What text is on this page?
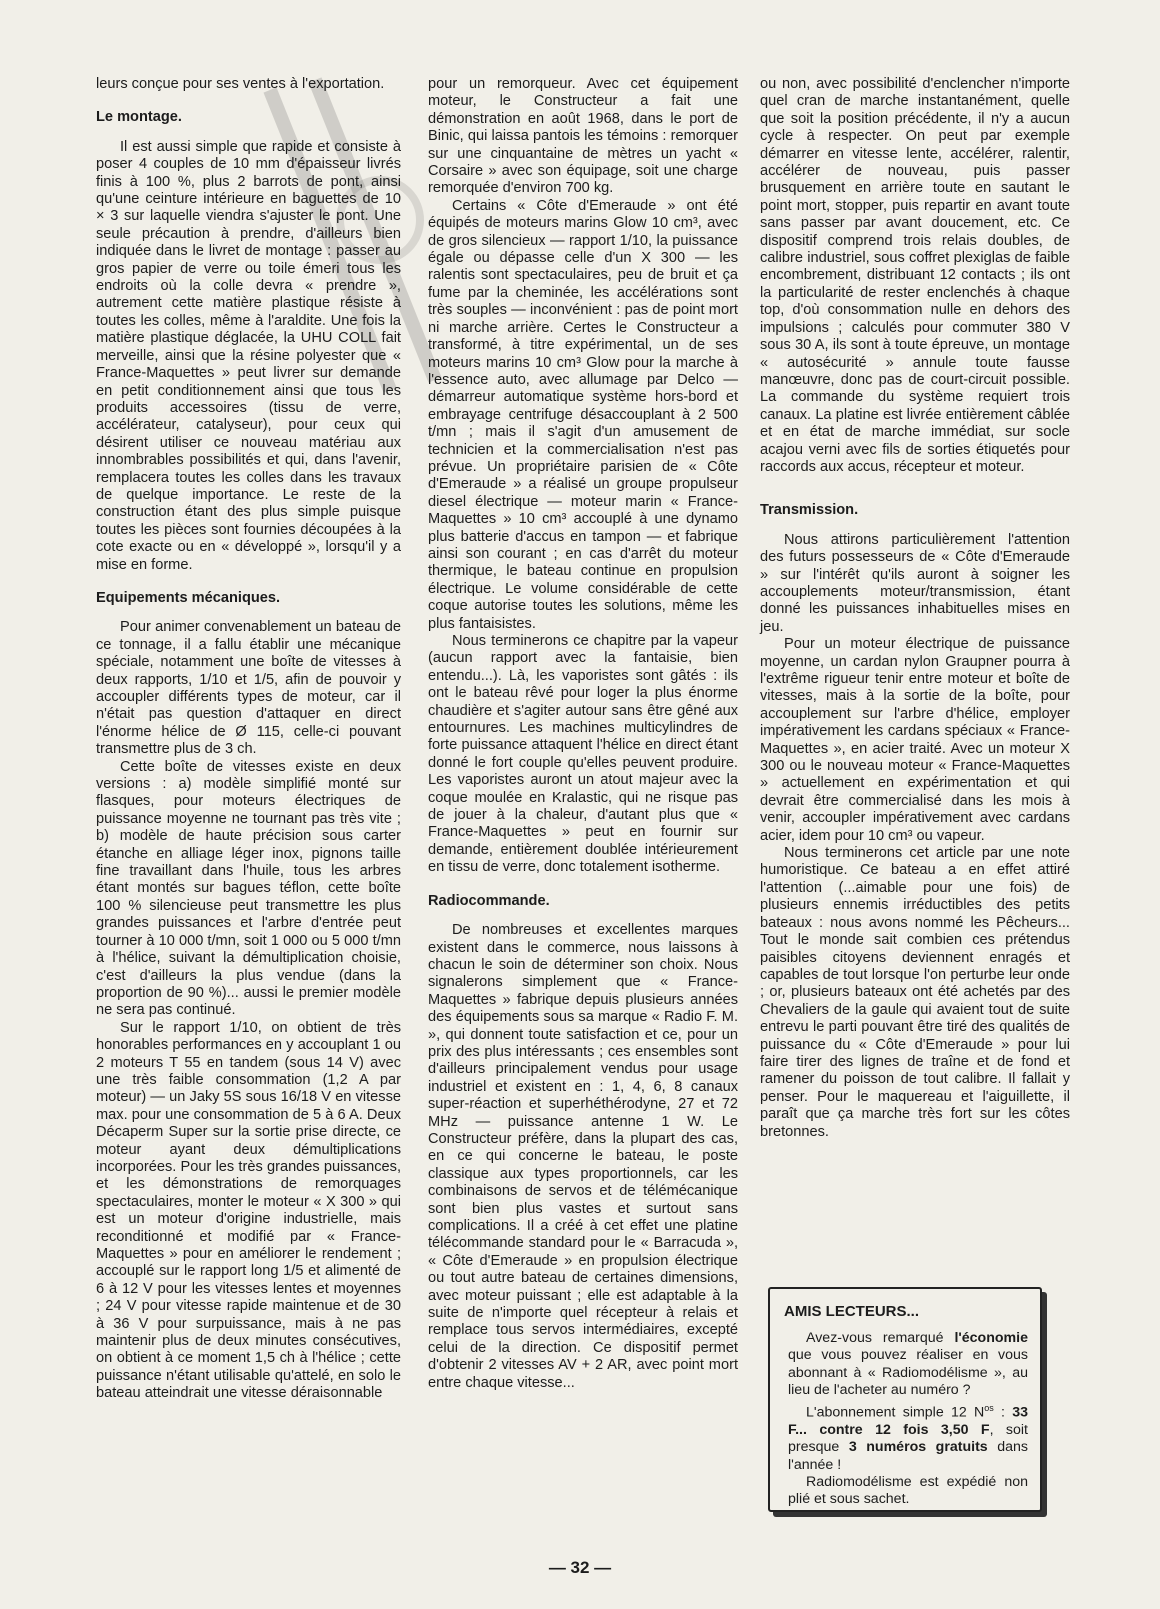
leurs conçue pour ses ventes à l'exportation.

Le montage.

Il est aussi simple que rapide et consiste à poser 4 couples de 10 mm d'épaisseur livrés finis à 100 %, plus 2 barrots de pont, ainsi qu'une ceinture intérieure en baguettes de 10 × 3 sur laquelle viendra s'ajuster le pont. Une seule précaution à prendre, d'ailleurs bien indiquée dans le livret de montage : passer au gros papier de verre ou toile émeri tous les endroits où la colle devra « prendre », autrement cette matière plastique résiste à toutes les colles, même à l'araldite. Une fois la matière plastique déglacée, la UHU COLL fait merveille, ainsi que la résine polyester que « France-Maquettes » peut livrer sur demande en petit conditionnement ainsi que tous les produits accessoires (tissu de verre, accélérateur, catalyseur), pour ceux qui désirent utiliser ce nouveau matériau aux innombrables possibilités et qui, dans l'avenir, remplacera toutes les colles dans les travaux de quelque importance. Le reste de la construction étant des plus simple puisque toutes les pièces sont fournies découpées à la cote exacte ou en « développé », lorsqu'il y a mise en forme.

Equipements mécaniques.

Pour animer convenablement un bateau de ce tonnage, il a fallu établir une mécanique spéciale, notamment une boîte de vitesses à deux rapports, 1/10 et 1/5, afin de pouvoir y accoupler différents types de moteur, car il n'était pas question d'attaquer en direct l'énorme hélice de Ø 115, celle-ci pouvant transmettre plus de 3 ch.

Cette boîte de vitesses existe en deux versions : a) modèle simplifié monté sur flasques, pour moteurs électriques de puissance moyenne ne tournant pas très vite ; b) modèle de haute précision sous carter étanche en alliage léger inox, pignons taille fine travaillant dans l'huile, tous les arbres étant montés sur bagues téflon, cette boîte 100 % silencieuse peut transmettre les plus grandes puissances et l'arbre d'entrée peut tourner à 10 000 t/mn, soit 1 000 ou 5 000 t/mn à l'hélice, suivant la démultiplication choisie, c'est d'ailleurs la plus vendue (dans la proportion de 90 %)... aussi le premier modèle ne sera pas continué.

Sur le rapport 1/10, on obtient de très honorables performances en y accouplant 1 ou 2 moteurs T 55 en tandem (sous 14 V) avec une très faible consommation (1,2 A par moteur) — un Jaky 5S sous 16/18 V en vitesse max. pour une consommation de 5 à 6 A. Deux Décaperm Super sur la sortie prise directe, ce moteur ayant deux démultiplications incorporées. Pour les très grandes puissances, et les démonstrations de remorquages spectaculaires, monter le moteur « X 300 » qui est un moteur d'origine industrielle, mais reconditionné et modifié par « France-Maquettes » pour en améliorer le rendement ; accouplé sur le rapport long 1/5 et alimenté de 6 à 12 V pour les vitesses lentes et moyennes ; 24 V pour vitesse rapide maintenue et de 30 à 36 V pour surpuissance, mais à ne pas maintenir plus de deux minutes consécutives, on obtient à ce moment 1,5 ch à l'hélice ; cette puissance n'étant utilisable qu'attelé, en solo le bateau atteindrait une vitesse déraisonnable

pour un remorqueur. Avec cet équipement moteur, le Constructeur a fait une démonstration en août 1968, dans le port de Binic, qui laissa pantois les témoins : remorquer sur une cinquantaine de mètres un yacht « Corsaire » avec son équipage, soit une charge remorquée d'environ 700 kg.

Certains « Côte d'Emeraude » ont été équipés de moteurs marins Glow 10 cm³, avec de gros silencieux — rapport 1/10, la puissance égale ou dépasse celle d'un X 300 — les ralentis sont spectaculaires, peu de bruit et ça fume par la cheminée, les accélérations sont très souples — inconvénient : pas de point mort ni marche arrière. Certes le Constructeur a transformé, à titre expérimental, un de ses moteurs marins 10 cm³ Glow pour la marche à l'essence auto, avec allumage par Delco — démarreur automatique système hors-bord et embrayage centrifuge désaccouplant à 2 500 t/mn ; mais il s'agit d'un amusement de technicien et la commercialisation n'est pas prévue. Un propriétaire parisien de « Côte d'Emeraude » a réalisé un groupe propulseur diesel électrique — moteur marin « France-Maquettes » 10 cm³ accouplé à une dynamo plus batterie d'accus en tampon — et fabrique ainsi son courant ; en cas d'arrêt du moteur thermique, le bateau continue en propulsion électrique. Le volume considérable de cette coque autorise toutes les solutions, même les plus fantaisistes.

Nous terminerons ce chapitre par la vapeur (aucun rapport avec la fantaisie, bien entendu...). Là, les vaporistes sont gâtés : ils ont le bateau rêvé pour loger la plus énorme chaudière et s'agiter autour sans être gêné aux entournures. Les machines multicylindres de forte puissance attaquent l'hélice en direct étant donné le fort couple qu'elles peuvent produire. Les vaporistes auront un atout majeur avec la coque moulée en Kralastic, qui ne risque pas de jouer à la chaleur, d'autant plus que « France-Maquettes » peut en fournir sur demande, entièrement doublée intérieurement en tissu de verre, donc totalement isotherme.

Radiocommande.

De nombreuses et excellentes marques existent dans le commerce, nous laissons à chacun le soin de déterminer son choix. Nous signalerons simplement que « France-Maquettes » fabrique depuis plusieurs années des équipements sous sa marque « Radio F. M. », qui donnent toute satisfaction et ce, pour un prix des plus intéressants ; ces ensembles sont d'ailleurs principalement vendus pour usage industriel et existent en : 1, 4, 6, 8 canaux super-réaction et superhéthérodyne, 27 et 72 MHz — puissance antenne 1 W. Le Constructeur préfère, dans la plupart des cas, en ce qui concerne le bateau, le poste classique aux types proportionnels, car les combinaisons de servos et de télémécanique sont bien plus vastes et surtout sans complications. Il a créé à cet effet une platine télécommande standard pour le « Barracuda », « Côte d'Emeraude » en propulsion électrique ou tout autre bateau de certaines dimensions, avec moteur puissant ; elle est adaptable à la suite de n'importe quel récepteur à relais et remplace tous servos intermédiaires, excepté celui de la direction. Ce dispositif permet d'obtenir 2 vitesses AV + 2 AR, avec point mort entre chaque vitesse...

ou non, avec possibilité d'enclencher n'importe quel cran de marche instantanément, quelle que soit la position précédente, il n'y a aucun cycle à respecter. On peut par exemple démarrer en vitesse lente, accélérer, ralentir, accélérer de nouveau, puis passer brusquement en arrière toute en sautant le point mort, stopper, puis repartir en avant toute sans passer par avant doucement, etc. Ce dispositif comprend trois relais doubles, de calibre industriel, sous coffret plexiglas de faible encombrement, distribuant 12 contacts ; ils ont la particularité de rester enclenchés à chaque top, d'où consommation nulle en dehors des impulsions ; calculés pour commuter 380 V sous 30 A, ils sont à toute épreuve, un montage « autosécurité » annule toute fausse manœuvre, donc pas de court-circuit possible. La commande du système requiert trois canaux. La platine est livrée entièrement câblée et en état de marche immédiat, sur socle acajou verni avec fils de sorties étiquetés pour raccords aux accus, récepteur et moteur.

Transmission.

Nous attirons particulièrement l'attention des futurs possesseurs de « Côte d'Emeraude » sur l'intérêt qu'ils auront à soigner les accouplements moteur/transmission, étant donné les puissances inhabituelles mises en jeu.

Pour un moteur électrique de puissance moyenne, un cardan nylon Graupner pourra à l'extrême rigueur tenir entre moteur et boîte de vitesses, mais à la sortie de la boîte, pour accouplement sur l'arbre d'hélice, employer impérativement les cardans spéciaux « France-Maquettes », en acier traité. Avec un moteur X 300 ou le nouveau moteur « France-Maquettes » actuellement en expérimentation et qui devrait être commercialisé dans les mois à venir, accoupler impérativement avec cardans acier, idem pour 10 cm³ ou vapeur.

Nous terminerons cet article par une note humoristique. Ce bateau a en effet attiré l'attention (...aimable pour une fois) de plusieurs ennemis irréductibles des petits bateaux : nous avons nommé les Pêcheurs... Tout le monde sait combien ces prétendus paisibles citoyens deviennent enragés et capables de tout lorsque l'on perturbe leur onde ; or, plusieurs bateaux ont été achetés par des Chevaliers de la gaule qui avaient tout de suite entrevu le parti pouvant être tiré des qualités de puissance du « Côte d'Emeraude » pour lui faire tirer des lignes de traîne et de fond et ramener du poisson de tout calibre. Il fallait y penser. Pour le maquereau et l'aiguillette, il paraît que ça marche très fort sur les côtes bretonnes.

AMIS LECTEURS...

Avez-vous remarqué l'économie que vous pouvez réaliser en vous abonnant à « Radiomodélisme », au lieu de l'acheter au numéro ?

L'abonnement simple 12 $N^{os}$ : 33 F... contre 12 fois 3,50 F, soit presque 3 numéros gratuits dans l'année !

Radiomodélisme est expédié non plié et sous sachet.

— 32 —
